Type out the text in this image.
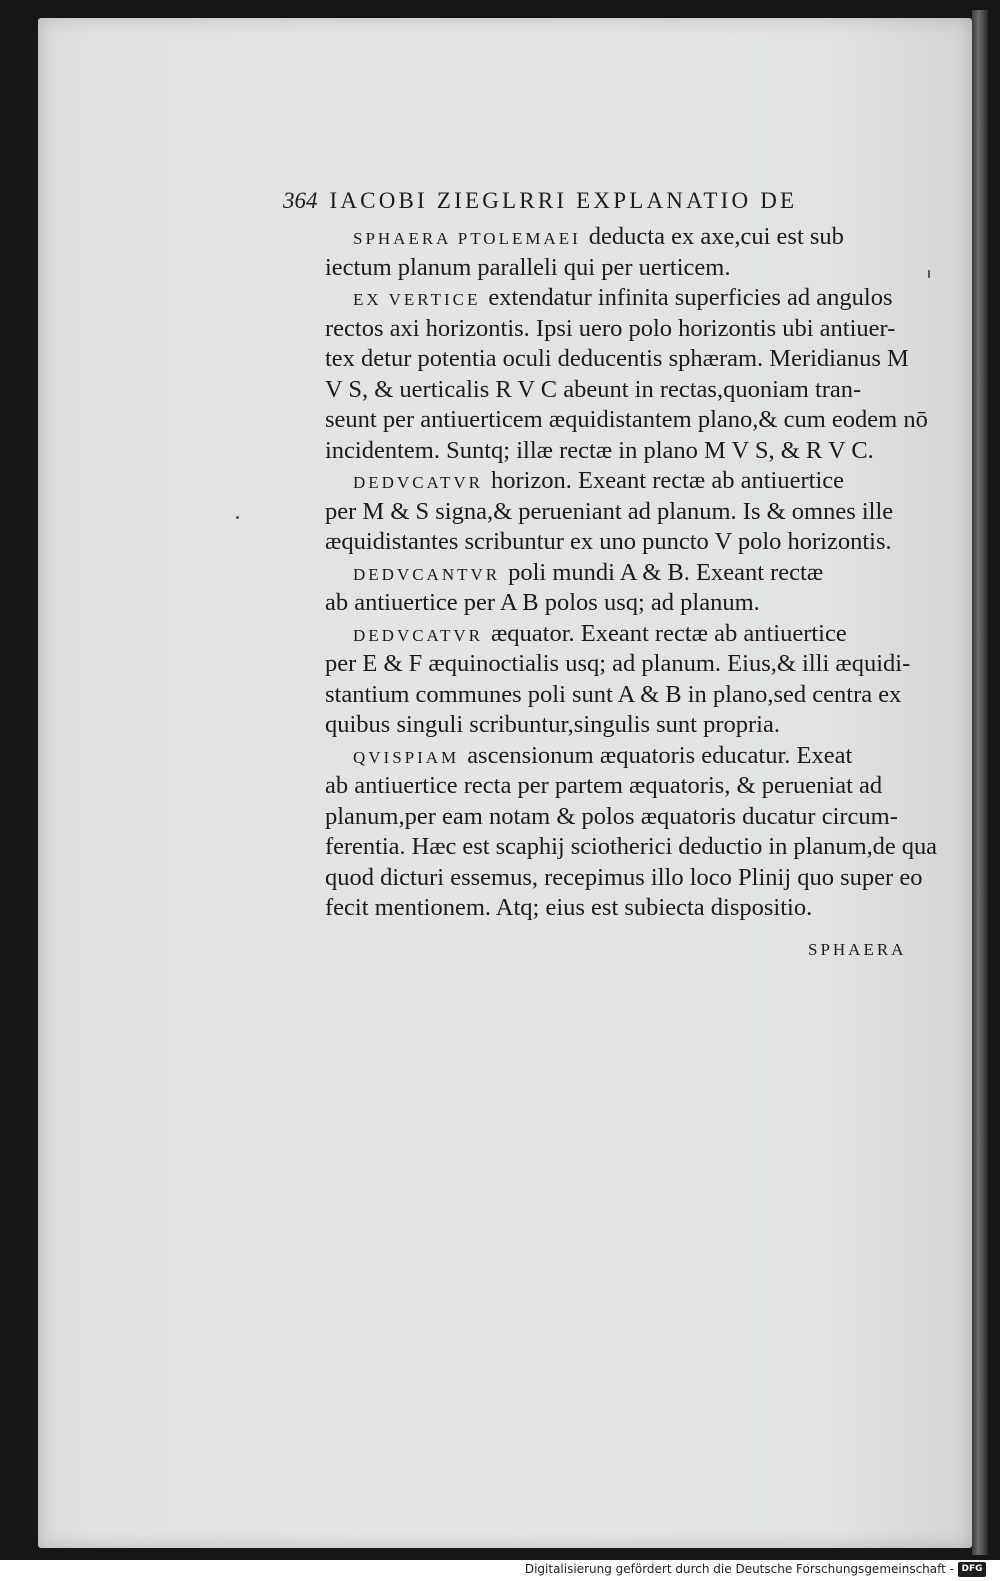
364 IACOBI ZIEGLRRI EXPLANATIO DE
SPHAERA PTOLEMAEI deducta ex axe,cui est sub
iectum planum paralleli qui per uerticem.
EX VERTICE extendatur infinita superficies ad angulos
rectos axi horizontis. Ipsi uero polo horizontis ubi antiuer-
tex detur potentia oculi deducentis sphæram. Meridianus M
V S, & uerticalis R V C abeunt in rectas,quoniam tran-
seunt per antiuerticem æquidistantem plano,& cum eodem nō
incidentem. Suntq; illæ rectæ in plano M V S, & R V C.
DEDVCATVR horizon. Exeant rectæ ab antiuertice
per M & S signa,& perueniant ad planum. Is & omnes ille
æquidistantes scribuntur ex uno puncto V polo horizontis.
DEDVCANTVR poli mundi A & B. Exeant rectæ
ab antiuertice per A B polos usq; ad planum.
DEDVCATVR æquator. Exeant rectæ ab antiuertice
per E & F æquinoctialis usq; ad planum. Eius,& illi æquidi-
stantium communes poli sunt A & B in plano,sed centra ex
quibus singuli scribuntur,singulis sunt propria.
QVISPIAM ascensionum æquatoris educatur. Exeat
ab antiuertice recta per partem æquatoris, & perueniat ad
planum,per eam notam & polos æquatoris ducatur circum-
ferentia. Hæc est scaphij sciotherici deductio in planum,de qua
quod dicturi essemus, recepimus illo loco Plinij quo super eo
fecit mentionem. Atq; eius est subiecta dispositio.
SPHAERA
Digitalisierung gefördert durch die Deutsche Forschungsgemeinschaft - DFG
